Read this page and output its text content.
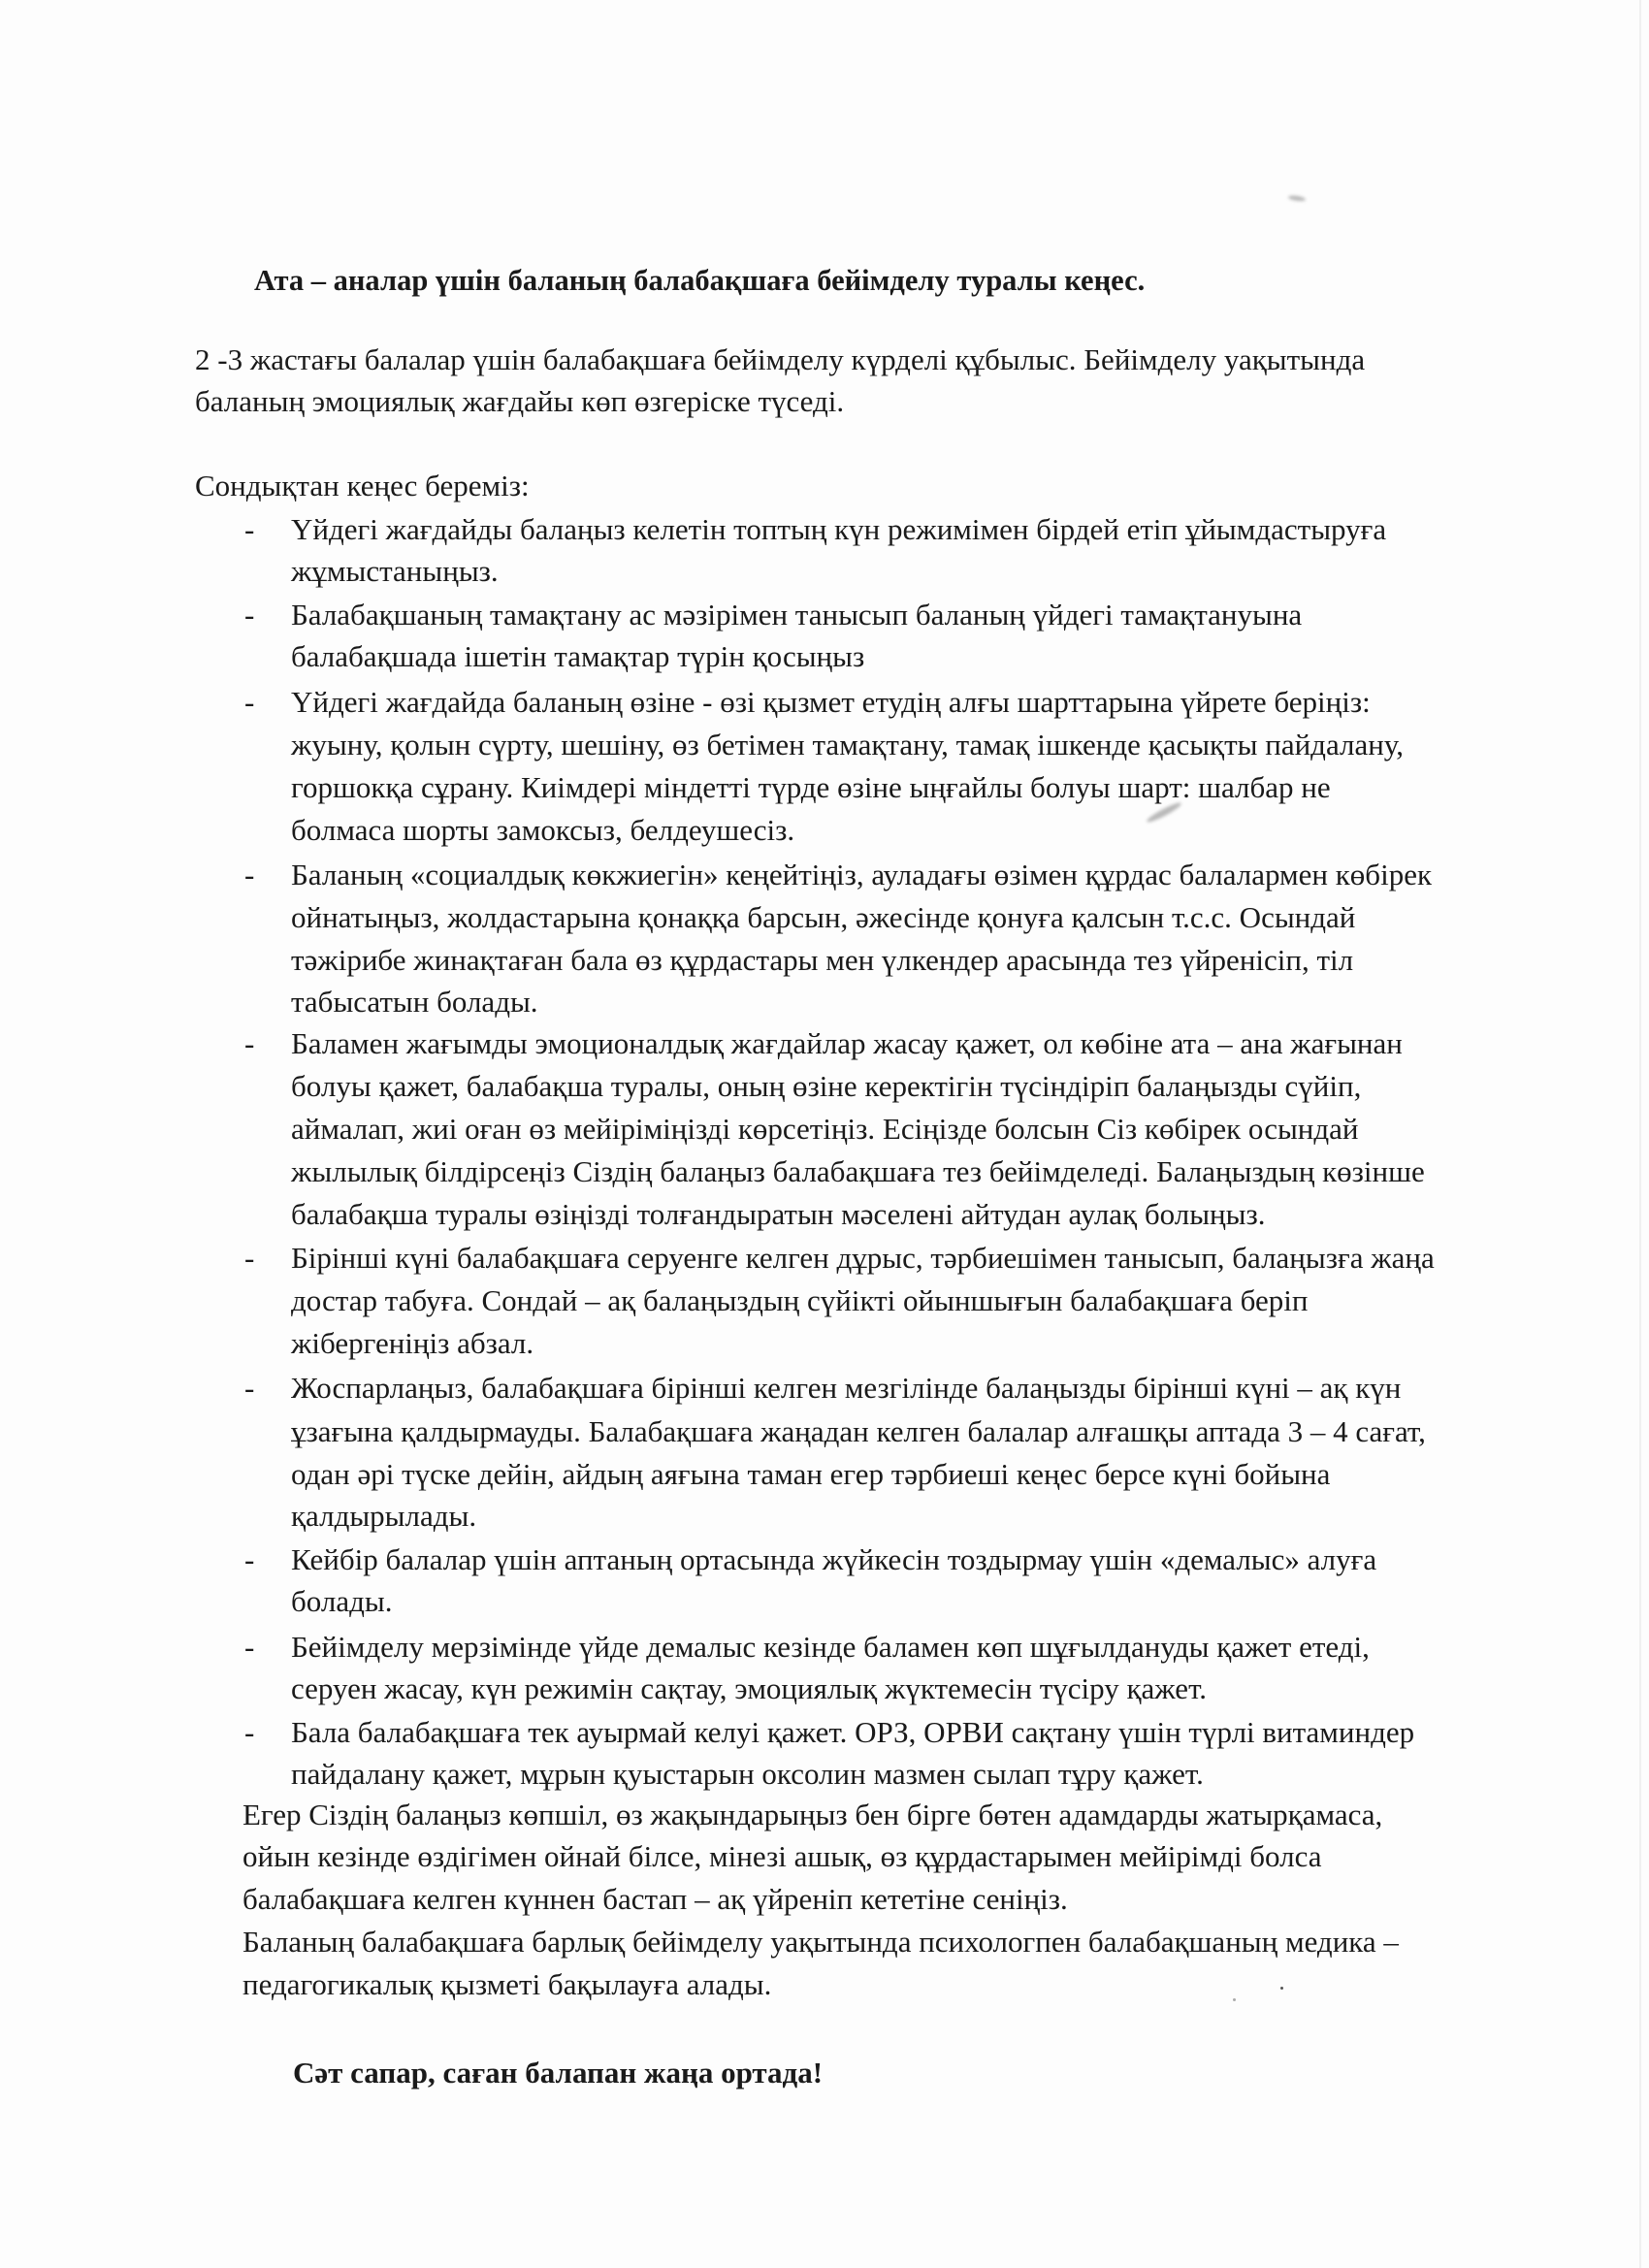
Ата – аналар үшін баланың балабақшаға бейімделу туралы кеңес.
2 -3 жастағы балалар үшін балабақшаға бейімделу күрделі құбылыс. Бейімделу уақытында
баланың эмоциялық жағдайы көп өзгеріске түседі.
Сондықтан кеңес береміз:
- Үйдегі жағдайды балаңыз келетін топтың күн режимімен бірдей етіп ұйымдастыруға
жұмыстаныңыз.
- Балабақшаның тамақтану ас мәзірімен танысып баланың үйдегі тамақтануына
балабақшада ішетін тамақтар түрін қосыңыз
- Үйдегі жағдайда баланың өзіне - өзі қызмет етудің алғы шарттарына үйрете беріңіз:
жуыну, қолын сүрту, шешіну, өз бетімен тамақтану, тамақ ішкенде қасықты пайдалану,
горшокқа сұрану. Киімдері міндетті түрде өзіне ыңғайлы болуы шарт: шалбар не
болмаса шорты замоксыз, белдеушесіз.
- Баланың «социалдық көкжиегін» кеңейтіңіз, ауладағы өзімен құрдас балалармен көбірек
ойнатыңыз, жолдастарына қонаққа барсын, әжесінде қонуға қалсын т.с.с. Осындай
тәжірибе жинақтаған бала өз құрдастары мен үлкендер арасында тез үйренісіп, тіл
табысатын болады.
- Баламен жағымды эмоционалдық жағдайлар жасау қажет, ол көбіне ата – ана жағынан
болуы қажет, балабақша туралы, оның өзіне керектігін түсіндіріп балаңызды сүйіп,
аймалап, жиі оған өз мейіріміңізді көрсетіңіз. Есіңізде болсын Сіз көбірек осындай
жылылық білдірсеңіз Сіздің балаңыз балабақшаға тез бейімделеді. Балаңыздың көзінше
балабақша туралы өзіңізді толғандыратын мәселені айтудан аулақ болыңыз.
- Бірінші күні балабақшаға серуенге келген дұрыс, тәрбиешімен танысып, балаңызға жаңа
достар табуға. Сондай – ақ балаңыздың сүйікті ойыншығын балабақшаға беріп
жібергеніңіз абзал.
- Жоспарлаңыз, балабақшаға бірінші келген мезгілінде балаңызды бірінші күні – ақ күн
ұзағына қалдырмауды. Балабақшаға жаңадан келген балалар алғашқы аптада 3 – 4 сағат,
одан әрі түске дейін, айдың аяғына таман егер тәрбиеші кеңес берсе күні бойына
қалдырылады.
- Кейбір балалар үшін аптаның ортасында жүйкесін тоздырмау үшін «демалыс» алуға
болады.
- Бейімделу мерзімінде үйде демалыс кезінде баламен көп шұғылдануды қажет етеді,
серуен жасау, күн режимін сақтау, эмоциялық жүктемесін түсіру қажет.
- Бала балабақшаға тек ауырмай келуі қажет. ОРЗ, ОРВИ сақтану үшін түрлі витаминдер
пайдалану қажет, мұрын қуыстарын оксолин мазмен сылап тұру қажет.
Егер Сіздің балаңыз көпшіл, өз жақындарыңыз бен бірге бөтен адамдарды жатырқамаса,
ойын кезінде өздігімен ойнай білсе, мінезі ашық, өз құрдастарымен мейірімді болса
балабақшаға келген күннен бастап – ақ үйреніп кететіне сеніңіз.
Баланың балабақшаға барлық бейімделу уақытында психологпен балабақшаның медика –
педагогикалық қызметі бақылауға алады.
Сәт сапар, саған балапан жаңа ортада!
